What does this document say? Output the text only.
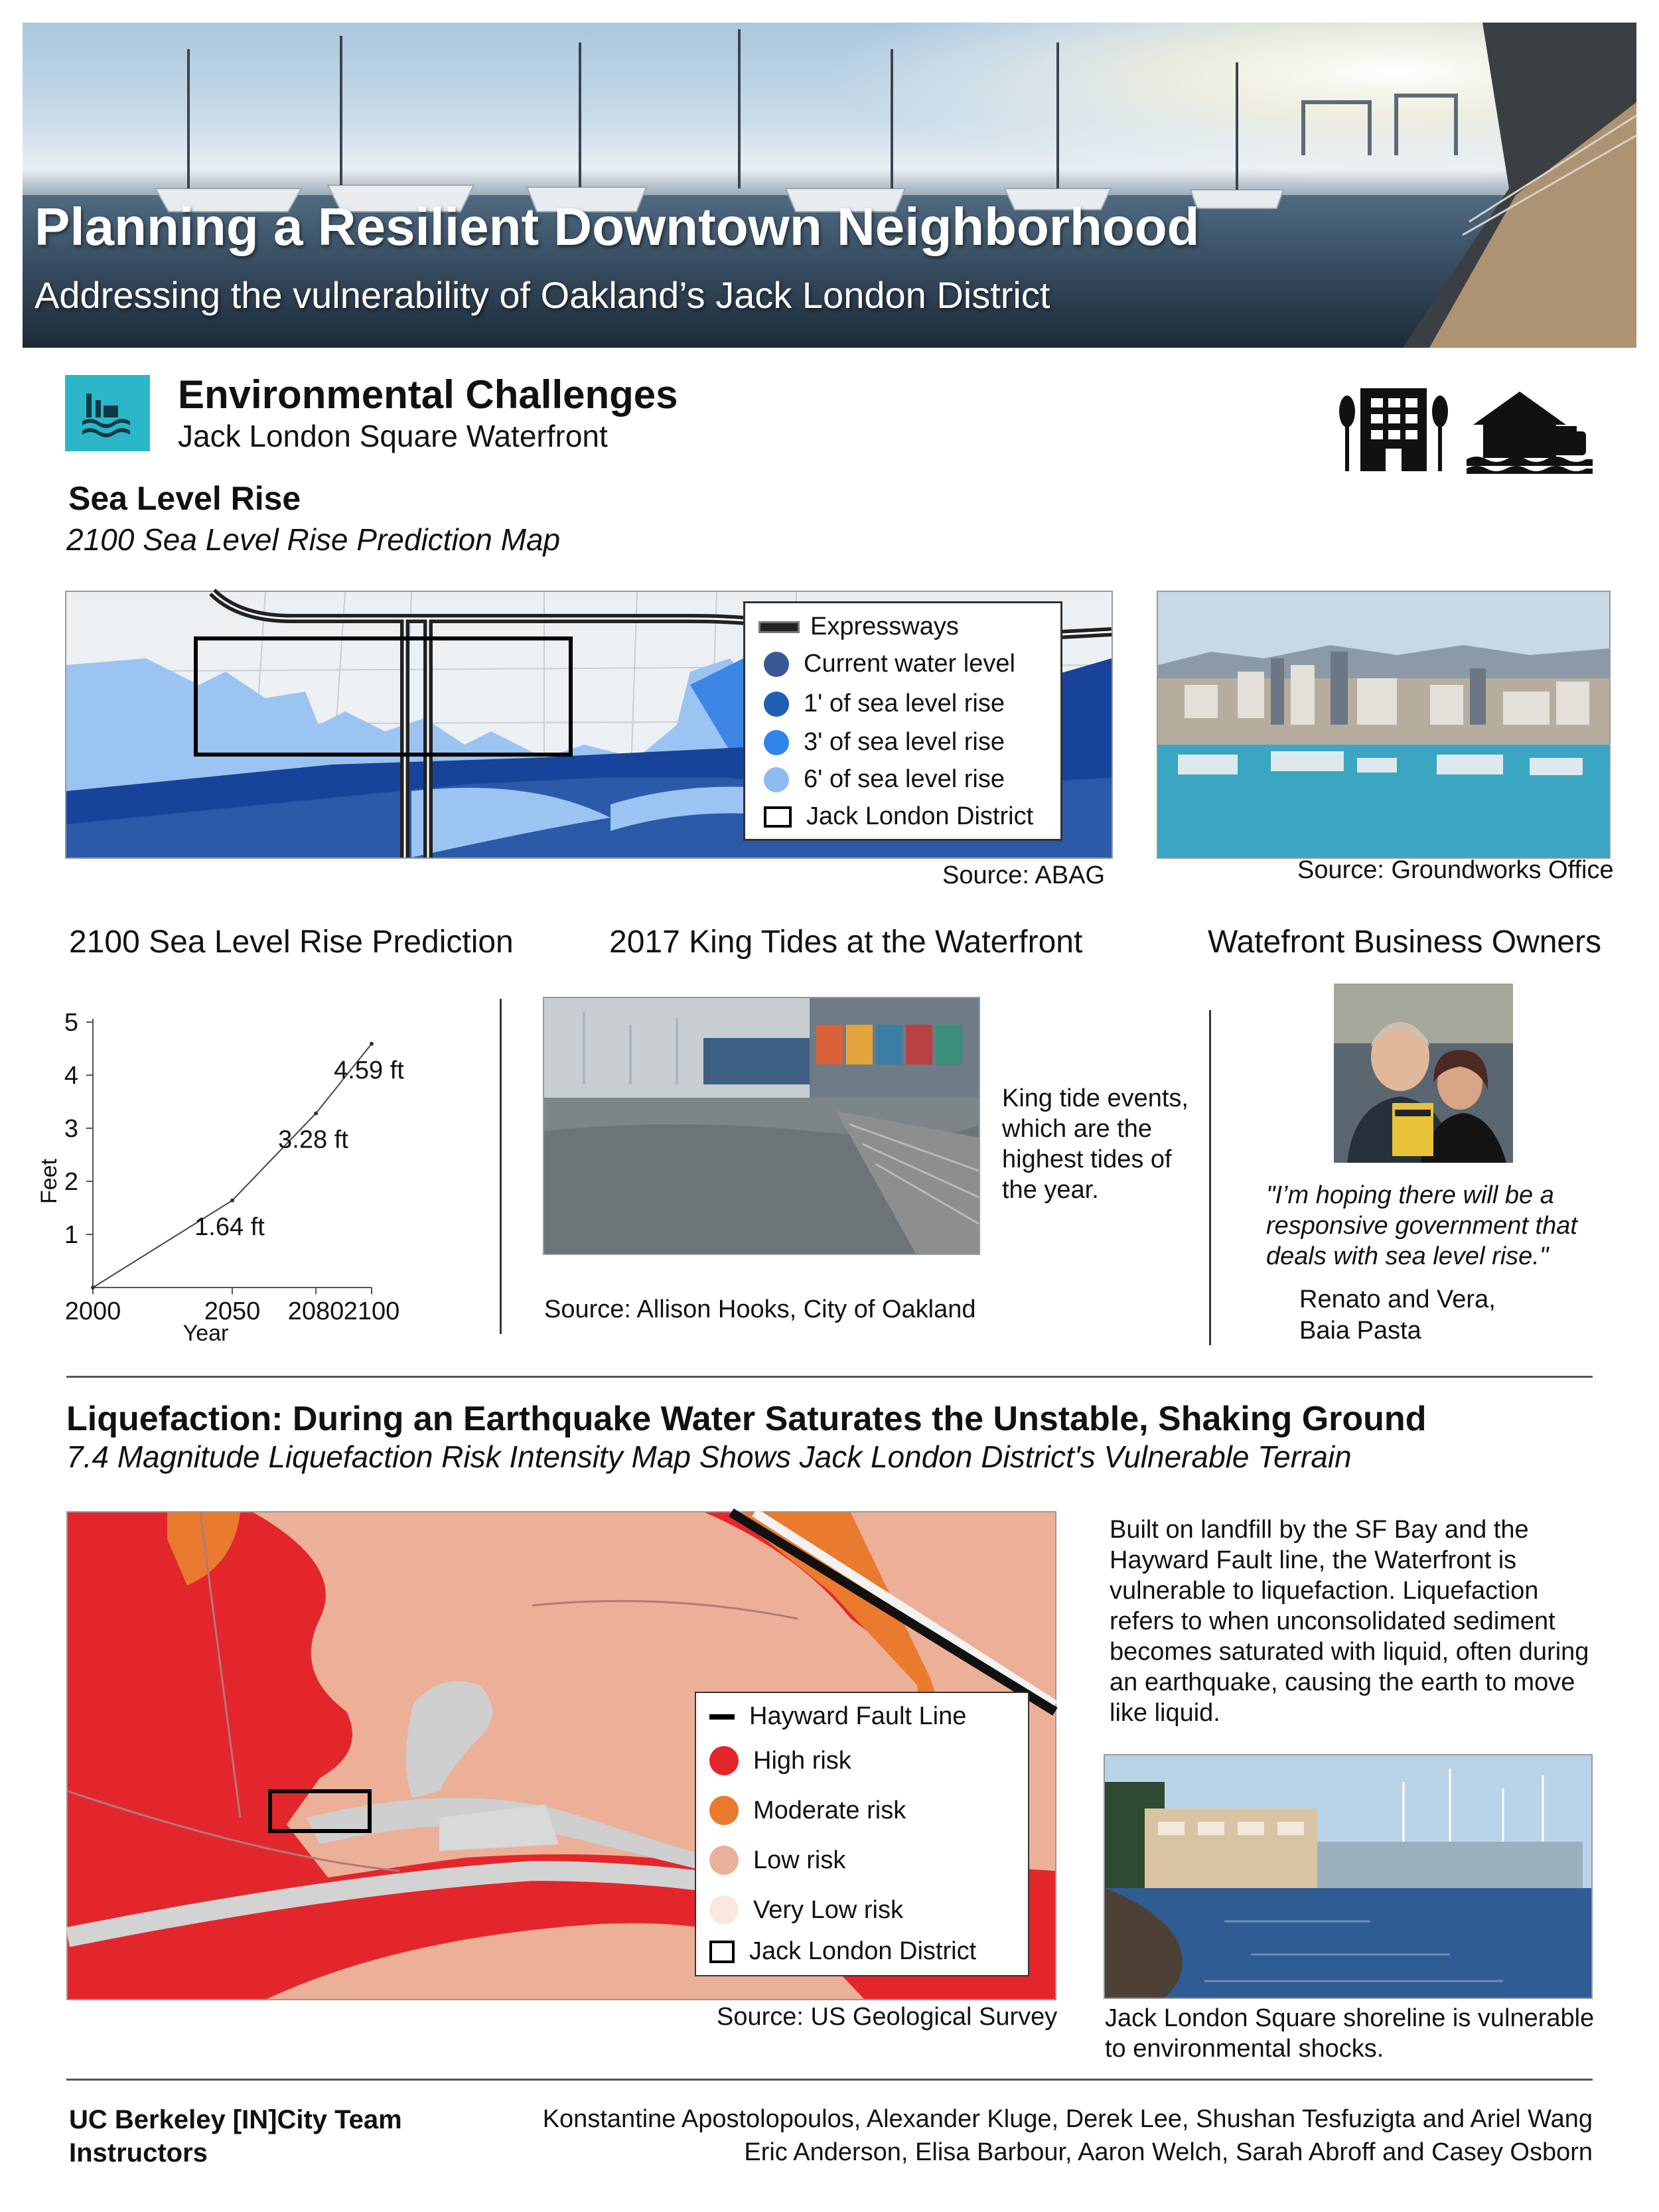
Planning a Resilient Downtown Neighborhood
Addressing the vulnerability of Oakland’s Jack London District
Environmental Challenges
Jack London Square Waterfront
Sea Level Rise
2100 Sea Level Rise Prediction Map
Expressways
Current water level
1' of sea level rise
3' of sea level rise
6' of sea level rise
Jack London District
Source: ABAG	Source: Groundworks Office
2100 Sea Level Rise Prediction	2017 King Tides at the Waterfront	Watefront Business Owners
1
2
3
4
5
2000	2050 2080 2100
Year
Feet
1.64 ft
3.28 ft
4.59 ft
King tide events, which are the highest tides of the year.
Source: Allison Hooks, City of Oakland
"I’m hoping there will be a responsive government that deals with sea level rise."
Renato and Vera,
Baia Pasta
Liquefaction: During an Earthquake Water Saturates the Unstable, Shaking Ground
7.4 Magnitude Liquefaction Risk Intensity Map Shows Jack London District's Vulnerable Terrain
Hayward Fault Line
High risk
Moderate risk
Low risk
Very Low risk
Jack London District
Source: US Geological Survey
Built on landfill by the SF Bay and the Hayward Fault line, the Waterfront is vulnerable to liquefaction. Liquefaction refers to when unconsolidated sediment becomes saturated with liquid, often during an earthquake, causing the earth to move like liquid.
Jack London Square shoreline is vulnerable to environmental shocks.
UC Berkeley [IN]City Team
Instructors
Konstantine Apostolopoulos, Alexander Kluge, Derek Lee, Shushan Tesfuzigta and Ariel Wang
Eric Anderson, Elisa Barbour, Aaron Welch, Sarah Abroff and Casey Osborn
